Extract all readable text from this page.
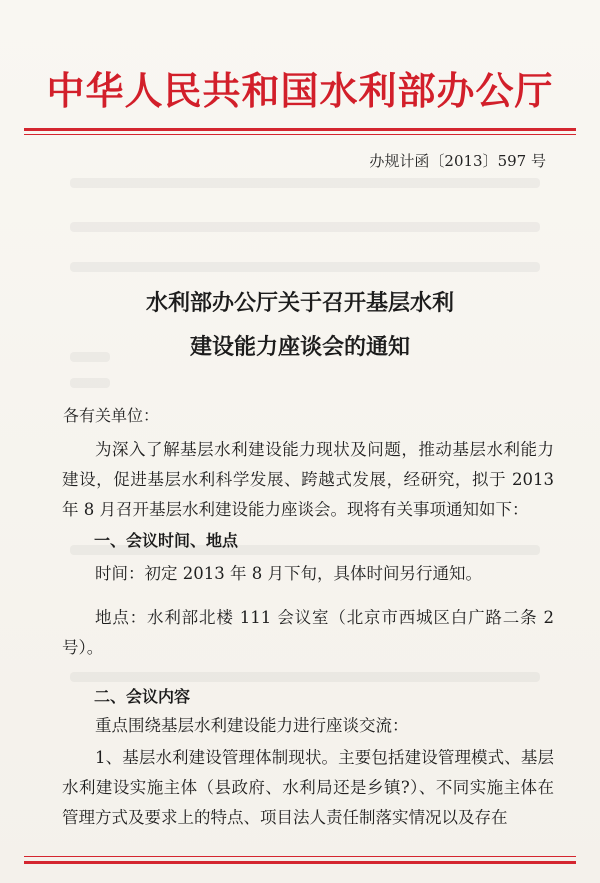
中华人民共和国水利部办公厅
办规计函〔2013〕597 号
水利部办公厅关于召开基层水利
建设能力座谈会的通知
各有关单位：
为深入了解基层水利建设能力现状及问题，推动基层水利能力建设，促进基层水利科学发展、跨越式发展，经研究，拟于 2013 年 8 月召开基层水利建设能力座谈会。现将有关事项通知如下：
一、会议时间、地点
时间：初定 2013 年 8 月下旬，具体时间另行通知。
地点：水利部北楼 111 会议室（北京市西城区白广路二条 2 号）。
二、会议内容
重点围绕基层水利建设能力进行座谈交流：
1、基层水利建设管理体制现状。主要包括建设管理模式、基层水利建设实施主体（县政府、水利局还是乡镇?）、不同实施主体在管理方式及要求上的特点、项目法人责任制落实情况以及存在
